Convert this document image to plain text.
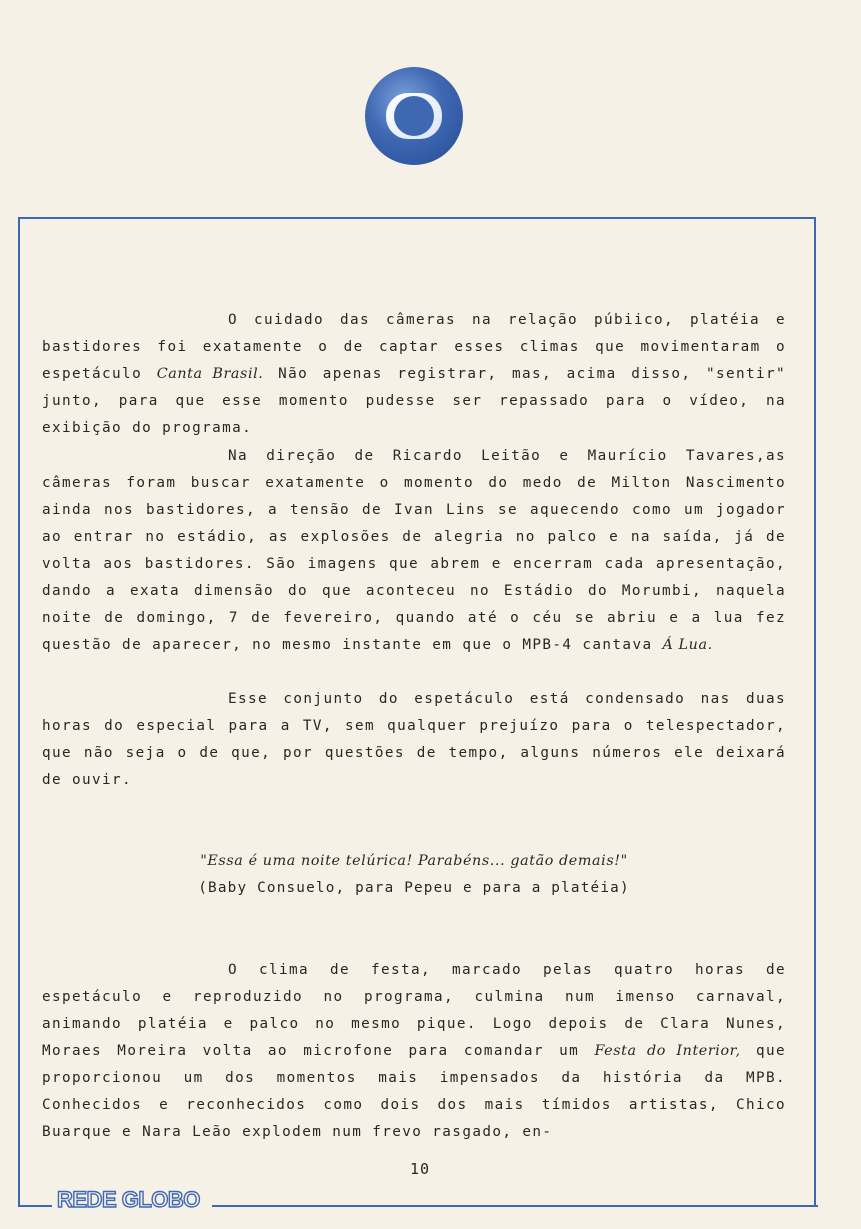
O cuidado das câmeras na relação púbiico, platéia e bastidores foi exatamente o de captar esses climas que movimentaram o espetáculo Canta Brasil. Não apenas registrar, mas, acima disso, "sentir" junto, para que esse momento pudesse ser repassado para o vídeo, na exibição do programa.

Na direção de Ricardo Leitão e Maurício Tavares,as câmeras foram buscar exatamente o momento do medo de Milton Nascimento ainda nos bastidores, a tensão de Ivan Lins se aquecendo como um jogador ao entrar no estádio, as explosões de alegria no palco e na saída, já de volta aos bastidores. São imagens que abrem e encerram cada apresentação, dando a exata dimensão do que aconteceu no Estádio do Morumbi, naquela noite de domingo, 7 de fevereiro, quando até o céu se abriu e a lua fez questão de aparecer, no mesmo instante em que o MPB-4 cantava Á Lua.

Esse conjunto do espetáculo está condensado nas duas horas do especial para a TV, sem qualquer prejuízo para o telespectador, que não seja o de que, por questões de tempo, alguns números ele deixará de ouvir.

"Essa é uma noite telúrica! Parabéns... gatão demais!"
(Baby Consuelo, para Pepeu e para a platéia)

O clima de festa, marcado pelas quatro horas de espetáculo e reproduzido no programa, culmina num imenso carnaval, animando platéia e palco no mesmo pique. Logo depois de Clara Nunes, Moraes Moreira volta ao microfone para comandar um Festa do Interior, que proporcionou um dos momentos mais impensados da história da MPB. Conhecidos e reconhecidos como dois dos mais tímidos artistas, Chico Buarque e Nara Leão explodem num frevo rasgado, en-

10
REDE GLOBO
